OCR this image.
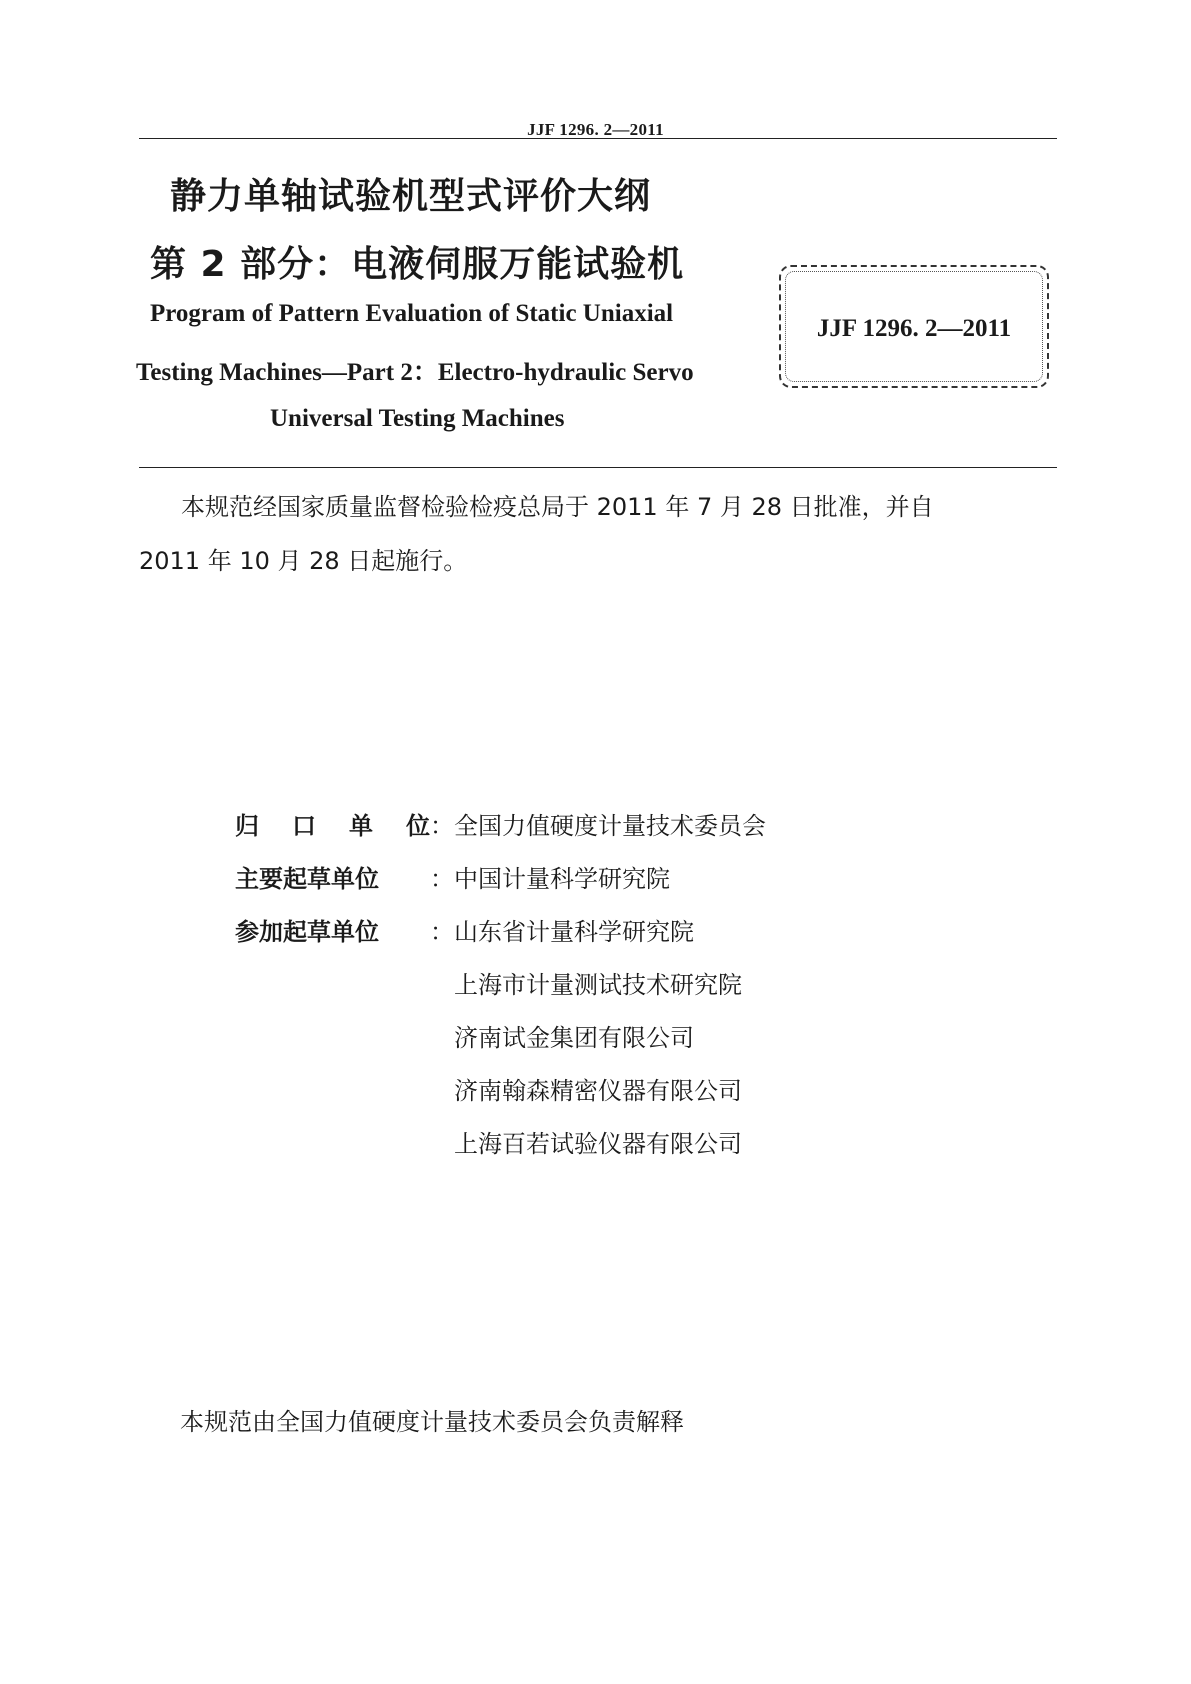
JJF 1296. 2—2011
静力单轴试验机型式评价大纲
第 2 部分：电液伺服万能试验机
Program of Pattern Evaluation of Static Uniaxial
Testing Machines—Part 2：Electro-hydraulic Servo
Universal Testing Machines
JJF 1296. 2—2011
本规范经国家质量监督检验检疫总局于 2011 年 7 月 28 日批准，并自
2011 年 10 月 28 日起施行。
归 口 单 位 ： 全国力值硬度计量技术委员会
主要起草单位	： 中国计量科学研究院
参加起草单位	： 山东省计量科学研究院
上海市计量测试技术研究院
济南试金集团有限公司
济南翰森精密仪器有限公司
上海百若试验仪器有限公司
本规范由全国力值硬度计量技术委员会负责解释
